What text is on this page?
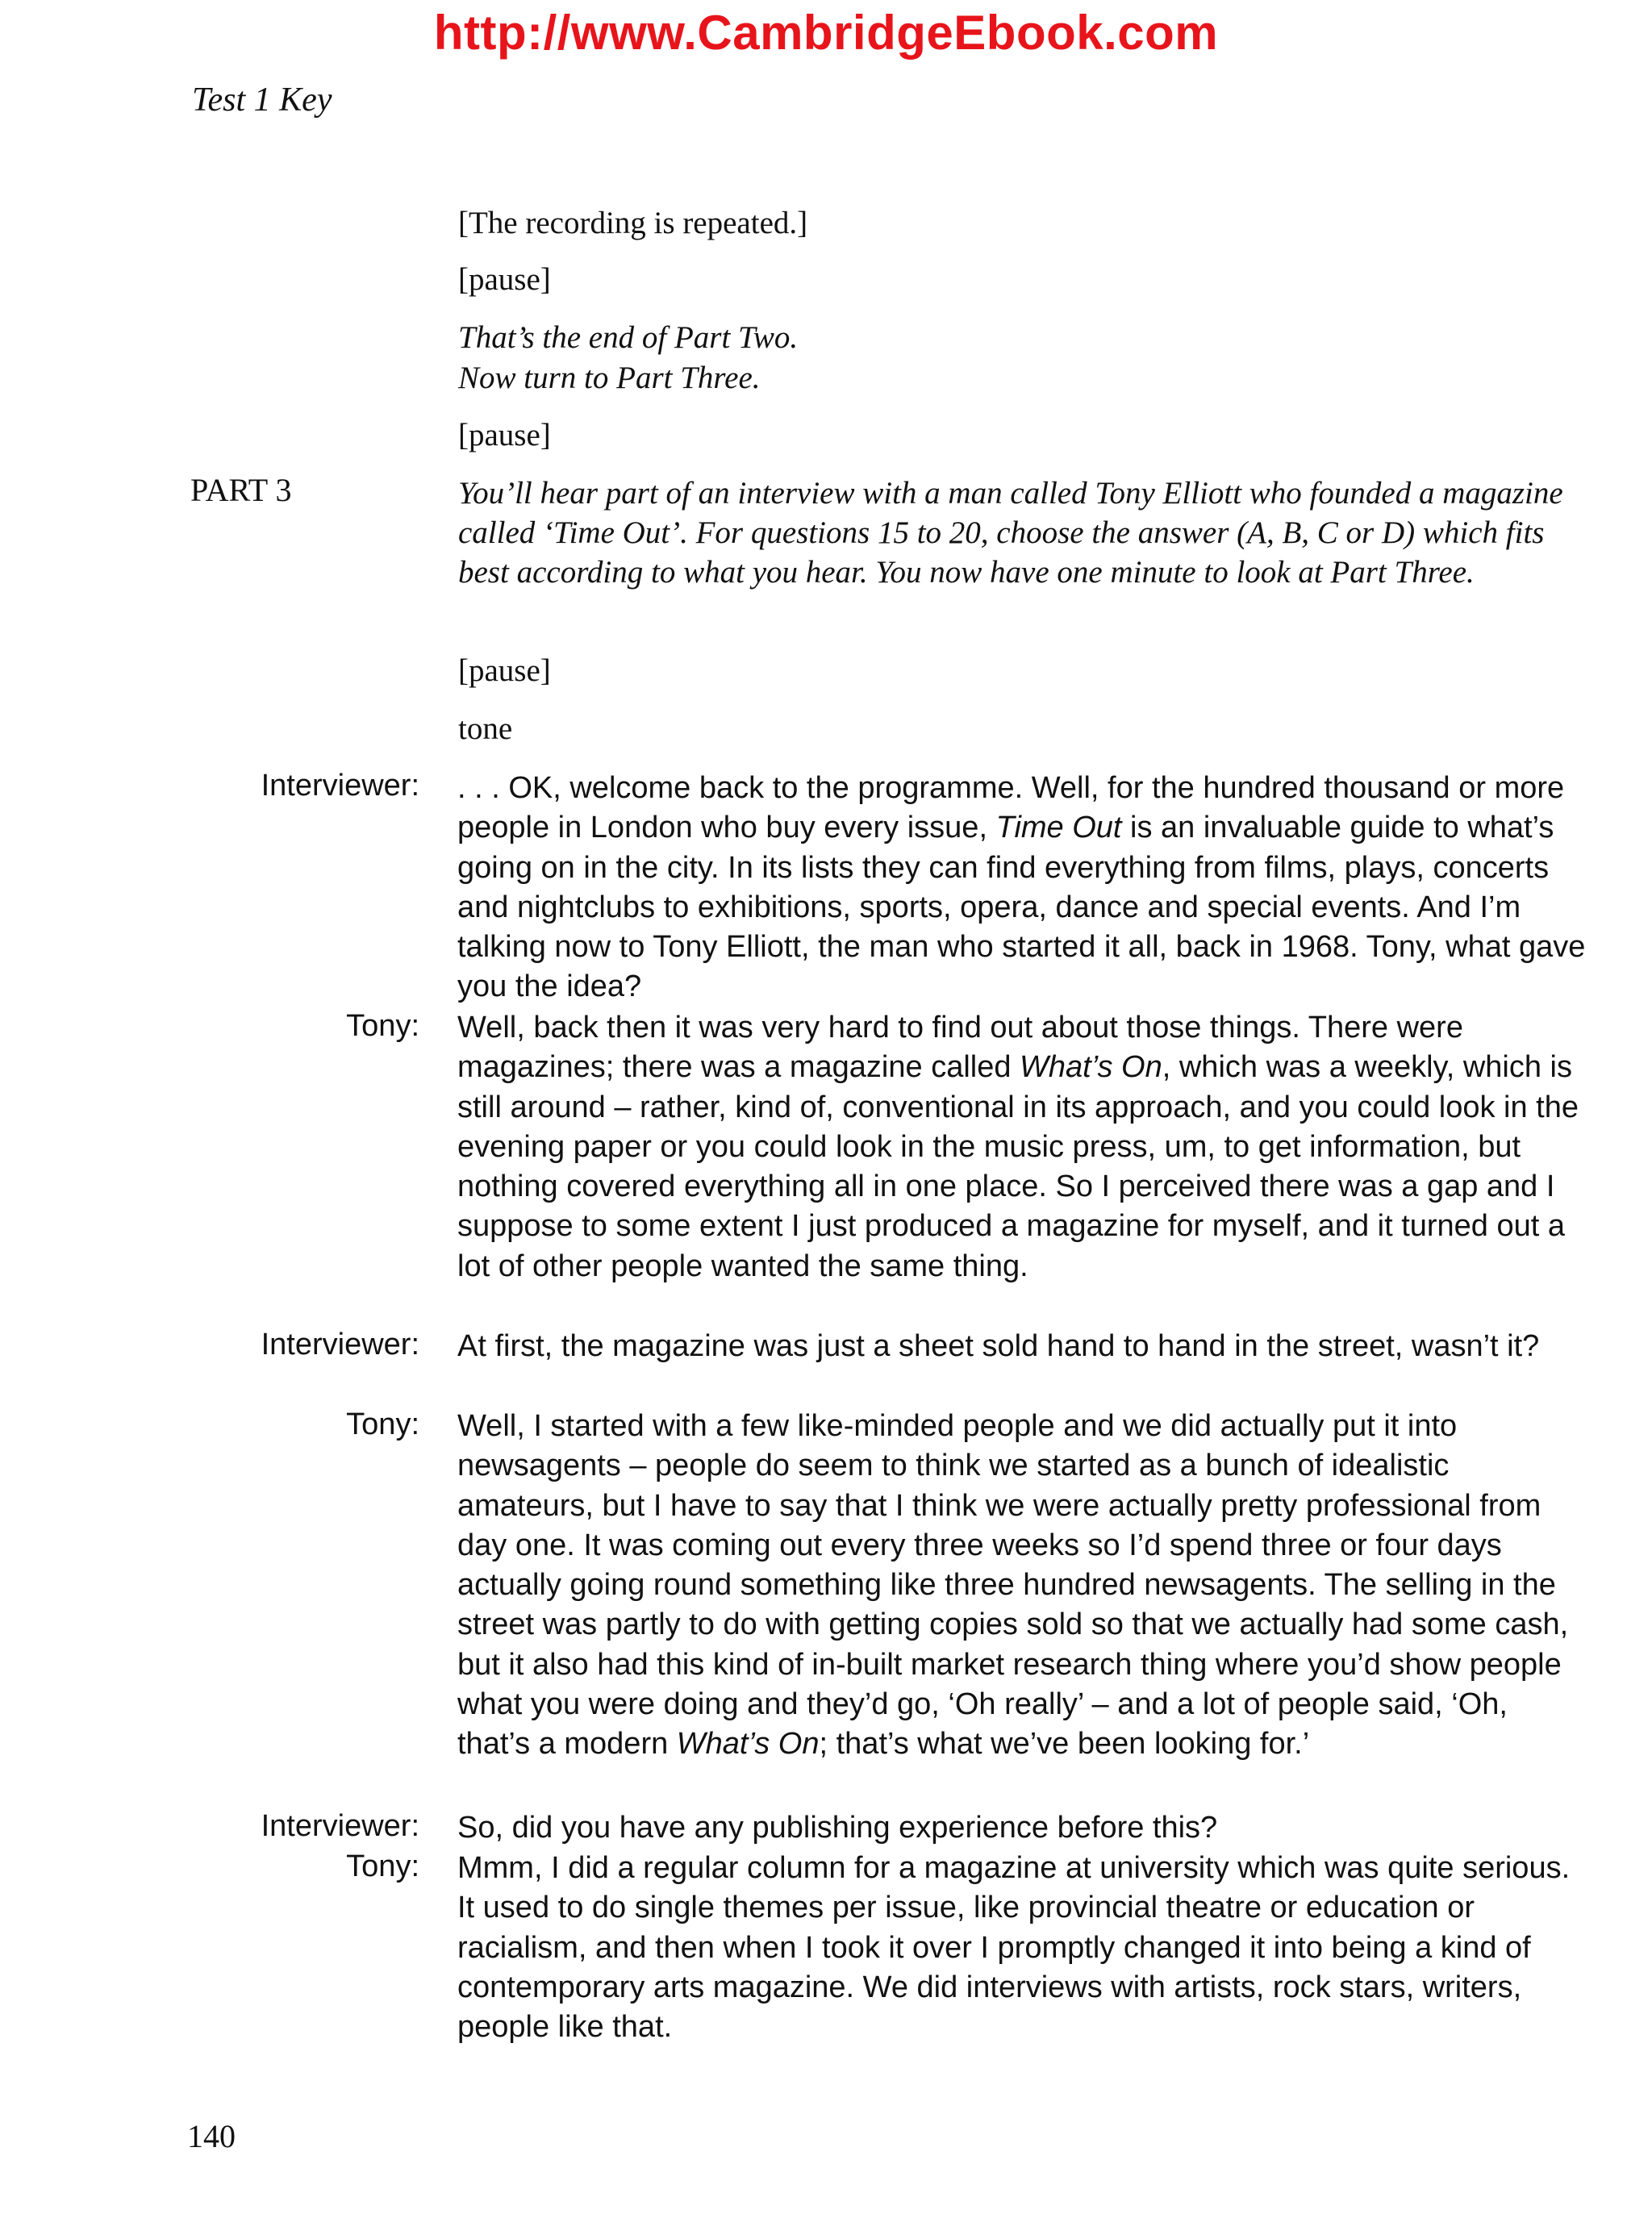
http://www.CambridgeEbook.com
Test 1 Key
[The recording is repeated.]
[pause]
That’s the end of Part Two.
Now turn to Part Three.
[pause]
PART 3	You’ll hear part of an interview with a man called Tony Elliott who founded a magazine called ‘Time Out’. For questions 15 to 20, choose the answer (A, B, C or D) which fits best according to what you hear. You now have one minute to look at Part Three.
[pause]
tone
Interviewer: . . . OK, welcome back to the programme. Well, for the hundred thousand or more people in London who buy every issue, Time Out is an invaluable guide to what’s going on in the city. In its lists they can find everything from films, plays, concerts and nightclubs to exhibitions, sports, opera, dance and special events. And I’m talking now to Tony Elliott, the man who started it all, back in 1968. Tony, what gave you the idea?
Tony: Well, back then it was very hard to find out about those things. There were magazines; there was a magazine called What’s On, which was a weekly, which is still around – rather, kind of, conventional in its approach, and you could look in the evening paper or you could look in the music press, um, to get information, but nothing covered everything all in one place. So I perceived there was a gap and I suppose to some extent I just produced a magazine for myself, and it turned out a lot of other people wanted the same thing.
Interviewer: At first, the magazine was just a sheet sold hand to hand in the street, wasn’t it?
Tony: Well, I started with a few like-minded people and we did actually put it into newsagents – people do seem to think we started as a bunch of idealistic amateurs, but I have to say that I think we were actually pretty professional from day one. It was coming out every three weeks so I’d spend three or four days actually going round something like three hundred newsagents. The selling in the street was partly to do with getting copies sold so that we actually had some cash, but it also had this kind of in-built market research thing where you’d show people what you were doing and they’d go, ‘Oh really’ – and a lot of people said, ‘Oh, that’s a modern What’s On; that’s what we’ve been looking for.’
Interviewer: So, did you have any publishing experience before this?
Tony: Mmm, I did a regular column for a magazine at university which was quite serious. It used to do single themes per issue, like provincial theatre or education or racialism, and then when I took it over I promptly changed it into being a kind of contemporary arts magazine. We did interviews with artists, rock stars, writers, people like that.
140
